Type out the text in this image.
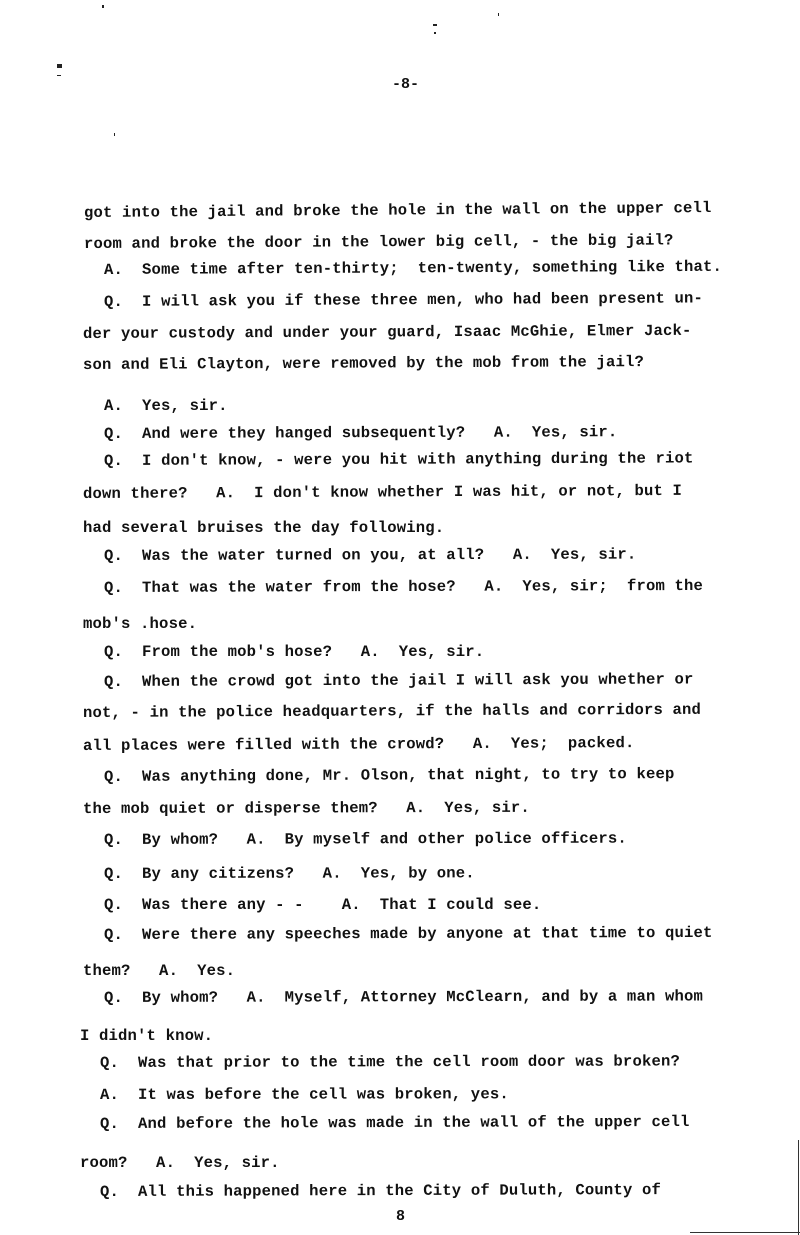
-8-
got into the jail and broke the hole in the wall on the upper cell
room and broke the door in the lower big cell, - the big jail?
A.  Some time after ten-thirty;  ten-twenty, something like that.
Q.  I will ask you if these three men, who had been present un-
der your custody and under your guard, Isaac McGhie, Elmer Jack-
son and Eli Clayton, were removed by the mob from the jail?
A.  Yes, sir.
Q.  And were they hanged subsequently?   A.  Yes, sir.
Q.  I don't know, - were you hit with anything during the riot
down there?   A.  I don't know whether I was hit, or not, but I
had several bruises the day following.
Q.  Was the water turned on you, at all?   A.  Yes, sir.
Q.  That was the water from the hose?   A.  Yes, sir;  from the
mob's .hose.
Q.  From the mob's hose?   A.  Yes, sir.
Q.  When the crowd got into the jail I will ask you whether or
not, - in the police headquarters, if the halls and corridors and
all places were filled with the crowd?   A.  Yes;  packed.
Q.  Was anything done, Mr. Olson, that night, to try to keep
the mob quiet or disperse them?   A.  Yes, sir.
Q.  By whom?   A.  By myself and other police officers.
Q.  By any citizens?   A.  Yes, by one.
Q.  Was there any - -    A.  That I could see.
Q.  Were there any speeches made by anyone at that time to quiet
them?   A.  Yes.
Q.  By whom?   A.  Myself, Attorney McClearn, and by a man whom
I didn't know.
Q.  Was that prior to the time the cell room door was broken?
A.  It was before the cell was broken, yes.
Q.  And before the hole was made in the wall of the upper cell
room?   A.  Yes, sir.
Q.  All this happened here in the City of Duluth, County of
8
